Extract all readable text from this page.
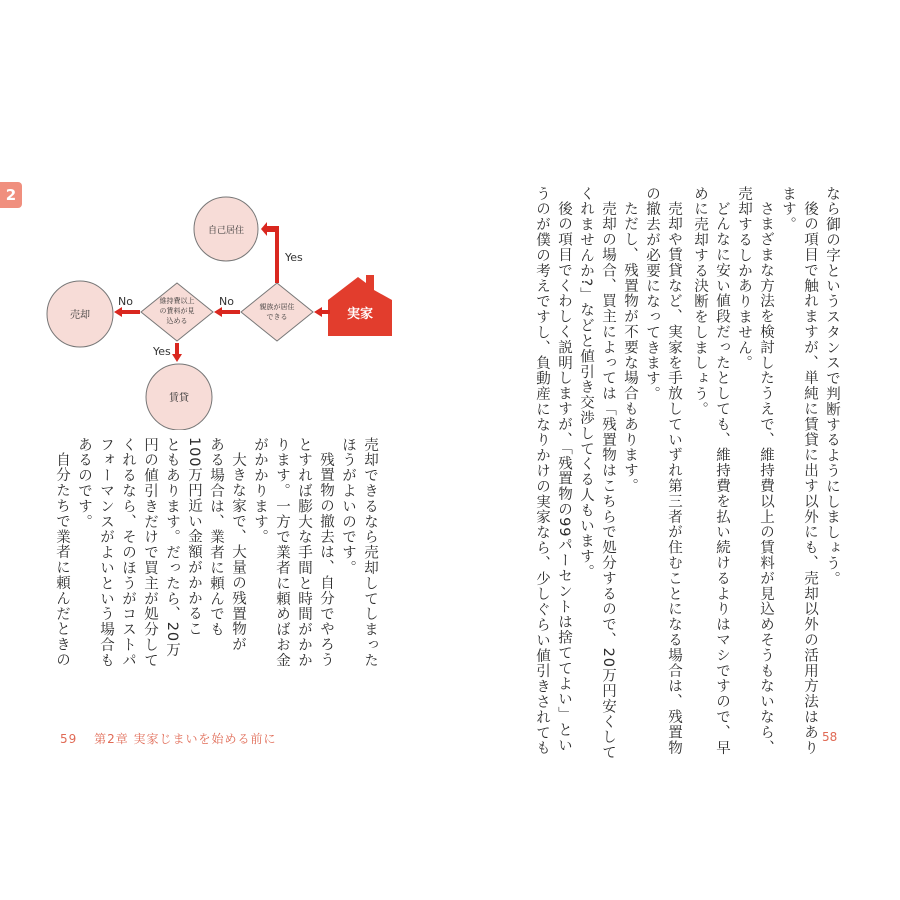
2
自己居住
売却
賃貸
維持費以上
の賃料が見
込める
親族が居住
できる	実家
Yes
No
No
Yes
売却できるなら売却してしまった
ほうがよいのです。
残置物の撤去は、自分でやろう
とすれば膨大な手間と時間がかか
ります。一方で業者に頼めばお金
がかかります。
大きな家で、大量の残置物が
ある場合は、業者に頼んでも
100万円近い金額がかかるこ
ともあります。だったら、20万
円の値引きだけで買主が処分して
くれるなら、そのほうがコストパ
フォーマンスがよいという場合も
あるのです。
自分たちで業者に頼んだときの
59 第2章 実家じまいを始める前に
なら御の字というスタンスで判断するようにしましょう。
後の項目で触れますが、単純に賃貸に出す以外にも、売却以外の活用方法はあり
ます。
さまざまな方法を検討したうえで、維持費以上の賃料が見込めそうもないなら、
売却するしかありません。
どんなに安い値段だったとしても、維持費を払い続けるよりはマシですので、早
めに売却する決断をしましょう。
売却や賃貸など、実家を手放していずれ第三者が住むことになる場合は、残置物
の撤去が必要になってきます。
ただし、残置物が不要な場合もあります。
売却の場合、買主によっては「残置物はこちらで処分するので、20万円安くして
くれませんか?」などと値引き交渉してくる人もいます。
後の項目でくわしく説明しますが、「残置物の99パーセントは捨ててよい」とい
うのが僕の考えですし、負動産になりかけの実家なら、少しぐらい値引きされても	58
